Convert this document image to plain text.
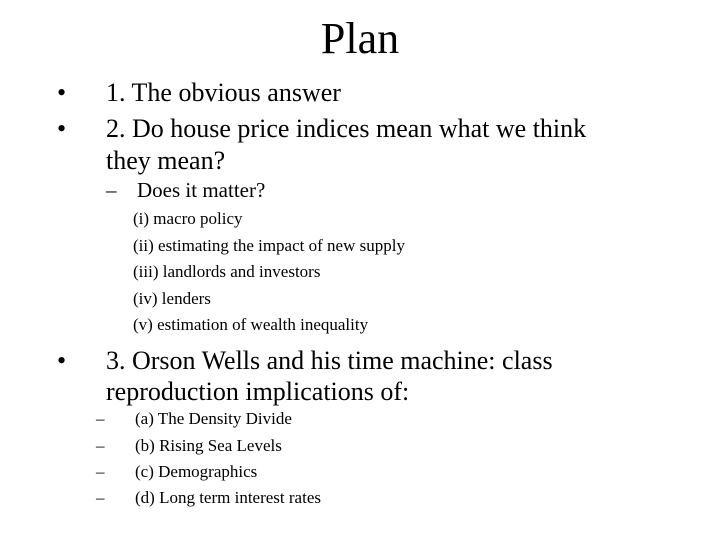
Plan
• 1. The obvious answer
• 2. Do house price indices mean what we think
they mean?
– Does it matter?
(i) macro policy
(ii) estimating the impact of new supply
(iii) landlords and investors
(iv) lenders
(v) estimation of wealth inequality
• 3. Orson Wells and his time machine: class
reproduction implications of:
– (a) The Density Divide
– (b) Rising Sea Levels
– (c) Demographics
– (d) Long term interest rates
